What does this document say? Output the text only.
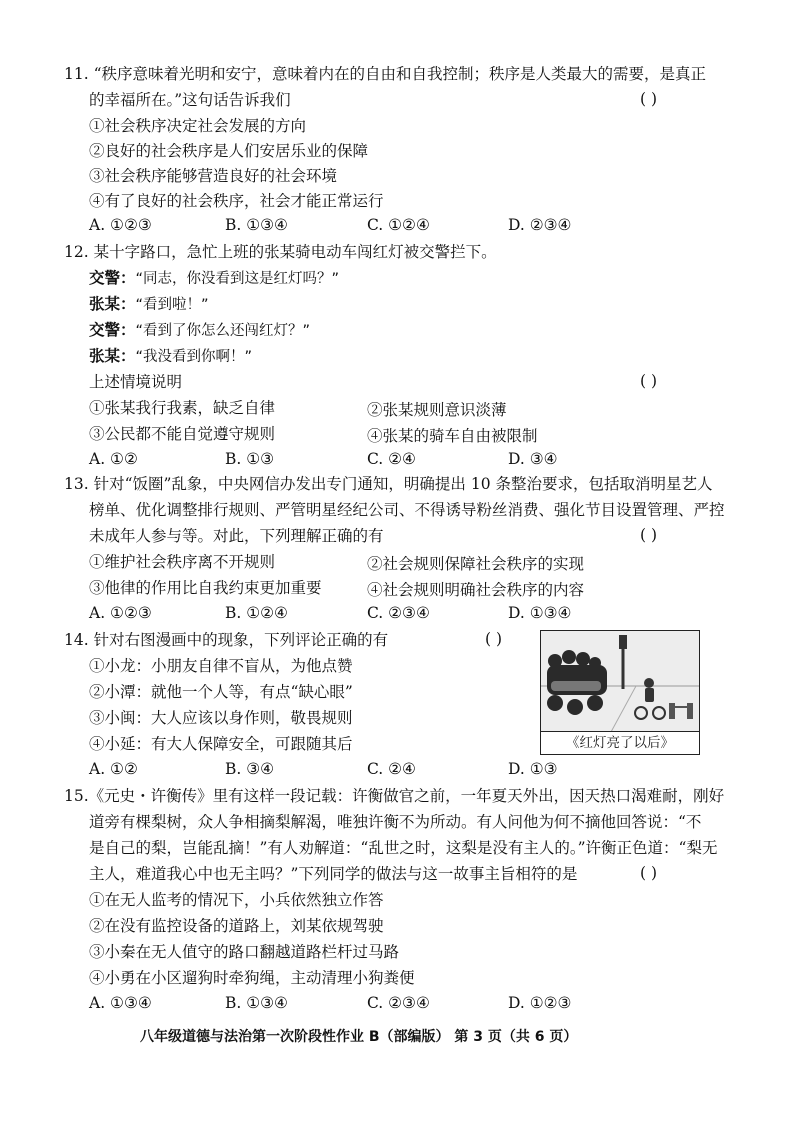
11. “秩序意味着光明和安宁，意味着内在的自由和自我控制；秩序是人类最大的需要，是真正
的幸福所在。”这句话告诉我们	( )
①社会秩序决定社会发展的方向
②良好的社会秩序是人们安居乐业的保障
③社会秩序能够营造良好的社会环境
④有了良好的社会秩序，社会才能正常运行
A. ①②③	B. ①③④	C. ①②④	D. ②③④
12. 某十字路口，急忙上班的张某骑电动车闯红灯被交警拦下。
交警：“同志，你没看到这是红灯吗？”
张某：“看到啦！”
交警：“看到了你怎么还闯红灯？”
张某：“我没看到你啊！”
上述情境说明	( )
①张某我行我素，缺乏自律	②张某规则意识淡薄
③公民都不能自觉遵守规则	④张某的骑车自由被限制
A. ①②	B. ①③	C. ②④	D. ③④
13. 针对“饭圈”乱象，中央网信办发出专门通知，明确提出 10 条整治要求，包括取消明星艺人
榜单、优化调整排行规则、严管明星经纪公司、不得诱导粉丝消费、强化节目设置管理、严控
未成年人参与等。对此，下列理解正确的有	( )
①维护社会秩序离不开规则	②社会规则保障社会秩序的实现
③他律的作用比自我约束更加重要	④社会规则明确社会秩序的内容
A. ①②③	B. ①②④	C. ②③④	D. ①③④
14. 针对右图漫画中的现象，下列评论正确的有	( )
①小龙：小朋友自律不盲从，为他点赞
②小潭：就他一个人等，有点“缺心眼”
③小闽：大人应该以身作则，敬畏规则
④小延：有大人保障安全，可跟随其后
A. ①②	B. ③④	C. ②④	D. ①③
《红灯亮了以后》
15.《元史・许衡传》里有这样一段记载：许衡做官之前，一年夏天外出，因天热口渴难耐，刚好
道旁有棵梨树，众人争相摘梨解渴，唯独许衡不为所动。有人问他为何不摘他回答说：“不
是自己的梨，岂能乱摘！”有人劝解道：“乱世之时，这梨是没有主人的。”许衡正色道：“梨无
主人，难道我心中也无主吗？”下列同学的做法与这一故事主旨相符的是	( )
①在无人监考的情况下，小兵依然独立作答
②在没有监控设备的道路上，刘某依规驾驶
③小秦在无人值守的路口翻越道路栏杆过马路
④小勇在小区遛狗时牵狗绳，主动清理小狗粪便
A. ①③④	B. ①③④	C. ②③④	D. ①②③
八年级道德与法治第一次阶段性作业 B（部编版） 第 3 页（共 6 页）
